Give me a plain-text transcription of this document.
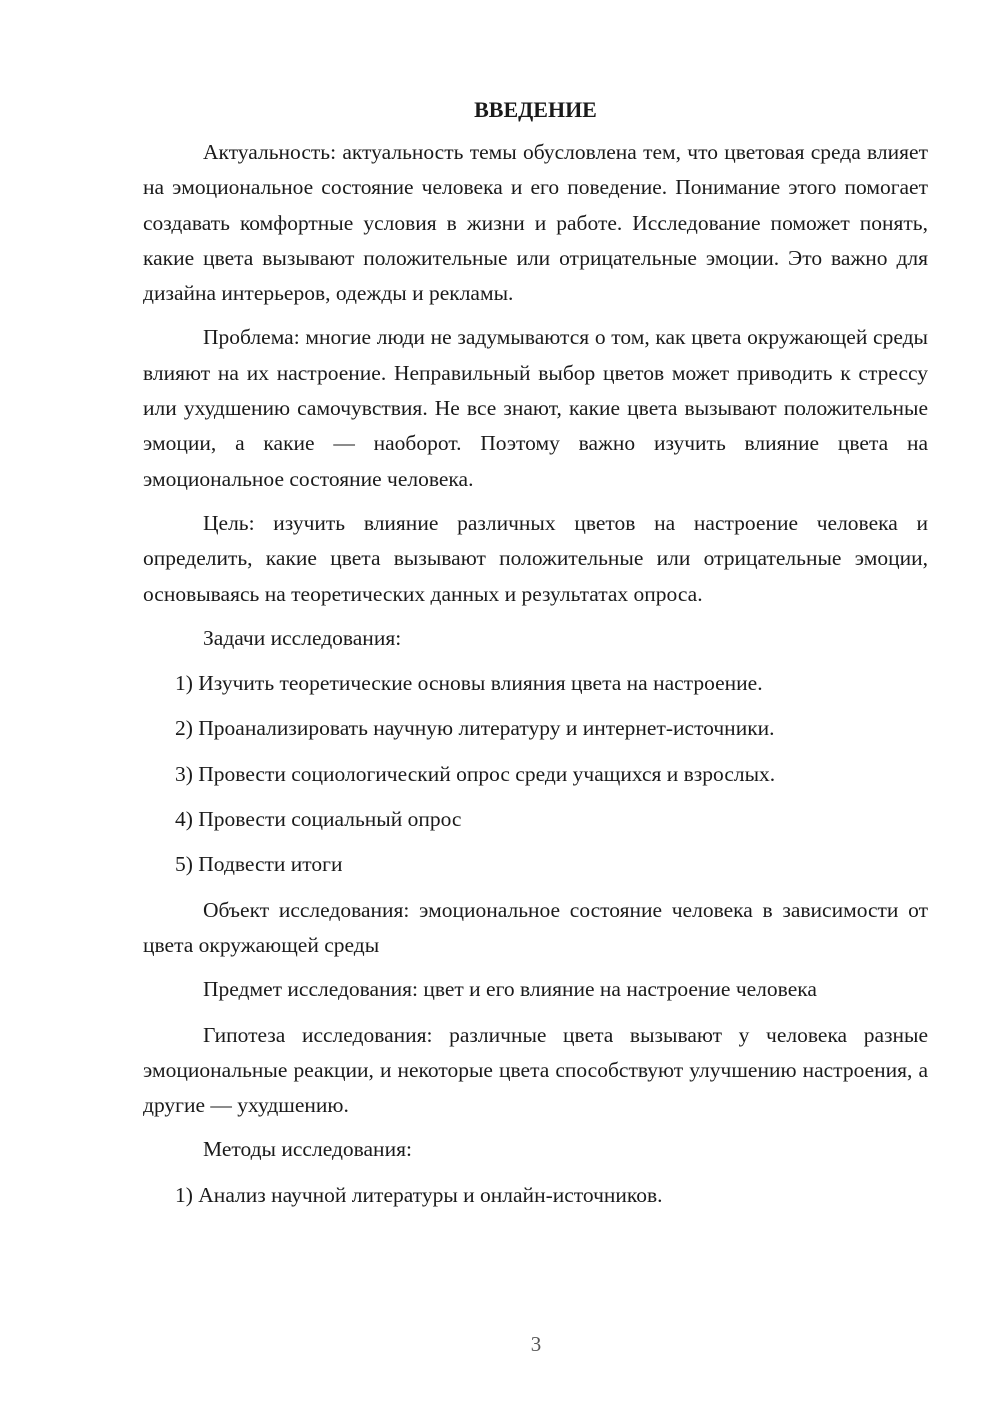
ВВЕДЕНИЕ

Актуальность: актуальность темы обусловлена тем, что цветовая среда влияет на эмоциональное состояние человека и его поведение. Понимание этого помогает создавать комфортные условия в жизни и работе. Исследование поможет понять, какие цвета вызывают положительные или отрицательные эмоции. Это важно для дизайна интерьеров, одежды и рекламы.

Проблема: многие люди не задумываются о том, как цвета окружающей среды влияют на их настроение. Неправильный выбор цветов может приводить к стрессу или ухудшению самочувствия. Не все знают, какие цвета вызывают положительные эмоции, а какие — наоборот. Поэтому важно изучить влияние цвета на эмоциональное состояние человека.

Цель: изучить влияние различных цветов на настроение человека и определить, какие цвета вызывают положительные или отрицательные эмоции, основываясь на теоретических данных и результатах опроса.

Задачи исследования:
1) Изучить теоретические основы влияния цвета на настроение.
2) Проанализировать научную литературу и интернет-источники.
3) Провести социологический опрос среди учащихся и взрослых.
4) Провести социальный опрос
5) Подвести итоги

Объект исследования: эмоциональное состояние человека в зависимости от цвета окружающей среды

Предмет исследования: цвет и его влияние на настроение человека

Гипотеза исследования: различные цвета вызывают у человека разные эмоциональные реакции, и некоторые цвета способствуют улучшению настроения, а другие — ухудшению.

Методы исследования:
1) Анализ научной литературы и онлайн-источников.
3
